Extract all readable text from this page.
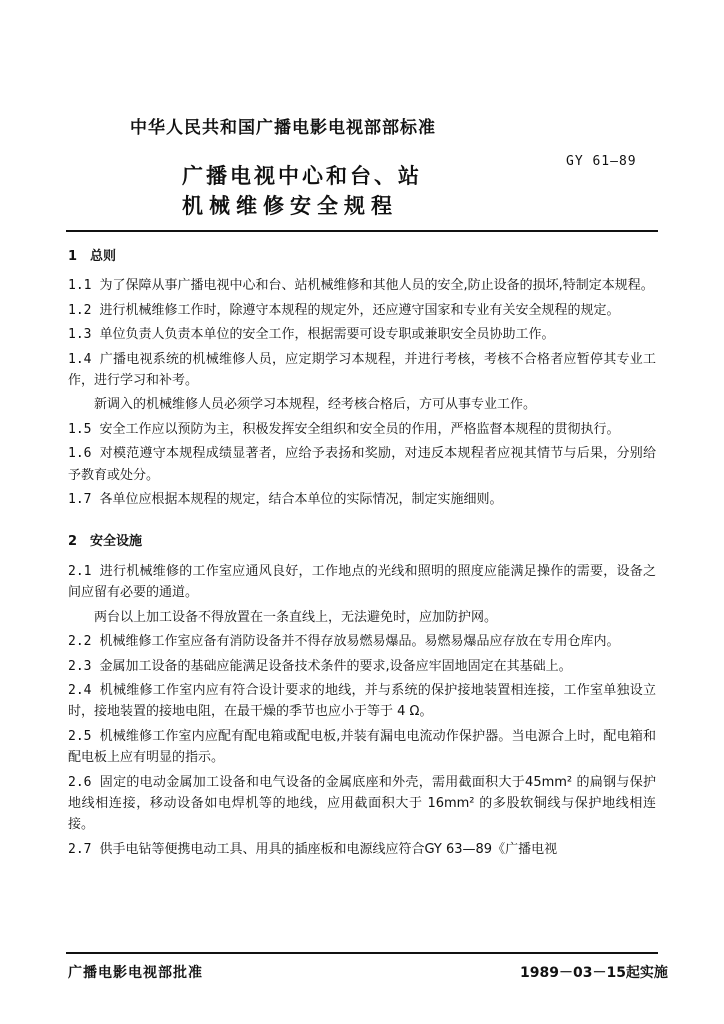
中华人民共和国广播电影电视部部标准
GY 61—89
广播电视中心和台、站
机械维修安全规程

1　总则

1.1 为了保障从事广播电视中心和台、站机械维修和其他人员的安全,防止设备的损坏,特制定本规程。

1.2 进行机械维修工作时，除遵守本规程的规定外，还应遵守国家和专业有关安全规程的规定。

1.3 单位负责人负责本单位的安全工作，根据需要可设专职或兼职安全员协助工作。

1.4 广播电视系统的机械维修人员，应定期学习本规程，并进行考核，考核不合格者应暂停其专业工作，进行学习和补考。

新调入的机械维修人员必须学习本规程，经考核合格后，方可从事专业工作。

1.5 安全工作应以预防为主，积极发挥安全组织和安全员的作用，严格监督本规程的贯彻执行。

1.6 对模范遵守本规程成绩显著者，应给予表扬和奖励，对违反本规程者应视其情节与后果，分别给予教育或处分。

1.7 各单位应根据本规程的规定，结合本单位的实际情况，制定实施细则。

2　安全设施

2.1 进行机械维修的工作室应通风良好，工作地点的光线和照明的照度应能满足操作的需要，设备之间应留有必要的通道。

两台以上加工设备不得放置在一条直线上，无法避免时，应加防护网。

2.2 机械维修工作室应备有消防设备并不得存放易燃易爆品。易燃易爆品应存放在专用仓库内。

2.3 金属加工设备的基础应能满足设备技术条件的要求,设备应牢固地固定在其基础上。

2.4 机械维修工作室内应有符合设计要求的地线，并与系统的保护接地装置相连接，工作室单独设立时，接地装置的接地电阻，在最干燥的季节也应小于等于 4 Ω。

2.5 机械维修工作室内应配有配电箱或配电板,并装有漏电电流动作保护器。当电源合上时，配电箱和配电板上应有明显的指示。

2.6 固定的电动金属加工设备和电气设备的金属底座和外壳，需用截面积大于45mm² 的扁钢与保护地线相连接，移动设备如电焊机等的地线，应用截面积大于 16mm² 的多股软铜线与保护地线相连接。

2.7 供手电钻等便携电动工具、用具的插座板和电源线应符合GY 63—89《广播电视

广播电影电视部批准	1989－03－15起实施
